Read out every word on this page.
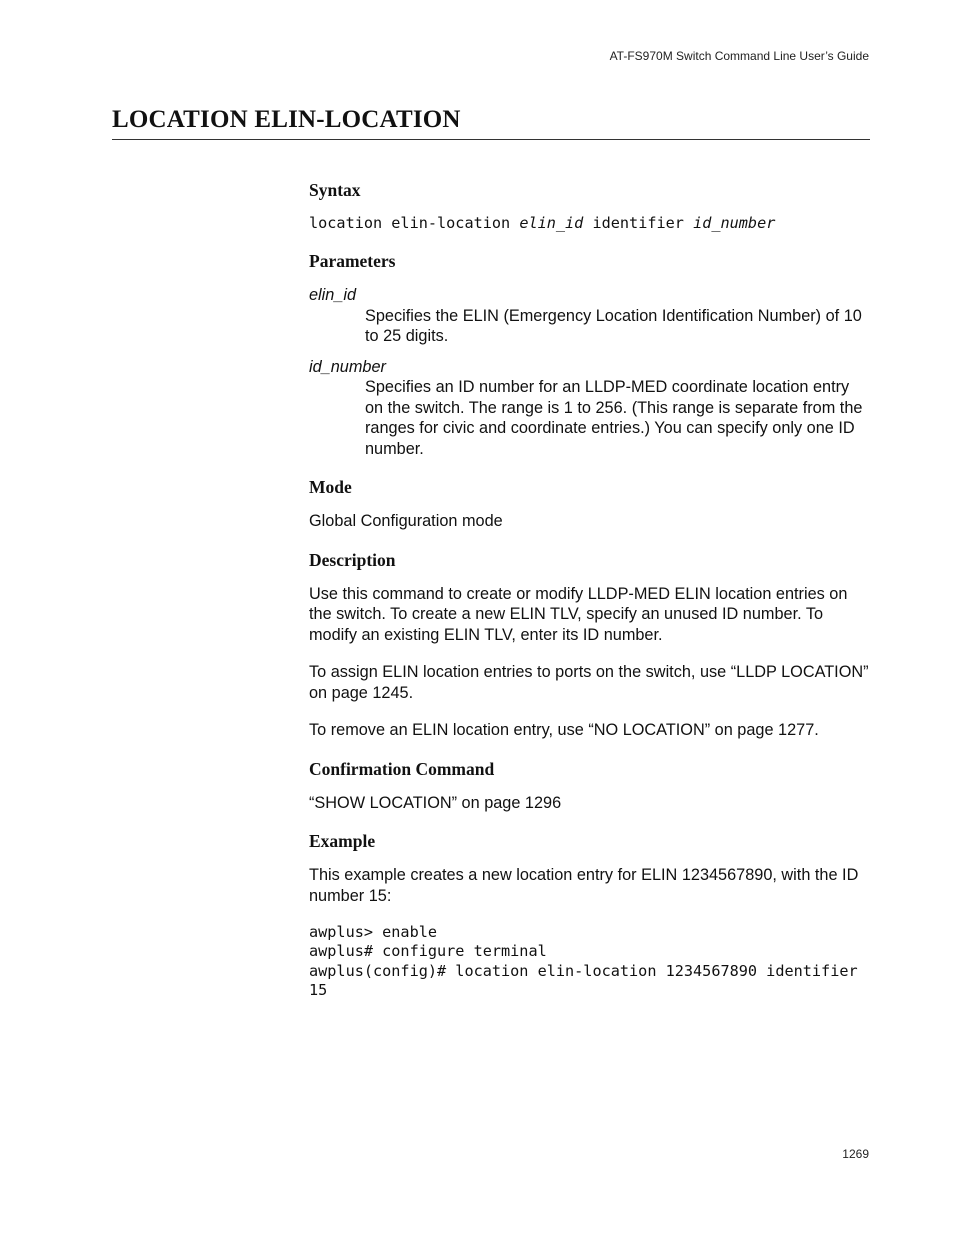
AT-FS970M Switch Command Line User’s Guide
LOCATION ELIN-LOCATION
Syntax
location elin-location elin_id identifier id_number
Parameters
elin_id

Specifies the ELIN (Emergency Location Identification Number) of 10 to 25 digits.

id_number

Specifies an ID number for an LLDP-MED coordinate location entry on the switch. The range is 1 to 256. (This range is separate from the ranges for civic and coordinate entries.) You can specify only one ID number.

Mode

Global Configuration mode

Description

Use this command to create or modify LLDP-MED ELIN location entries on the switch. To create a new ELIN TLV, specify an unused ID number. To modify an existing ELIN TLV, enter its ID number.

To assign ELIN location entries to ports on the switch, use “LLDP LOCATION” on page 1245.

To remove an ELIN location entry, use “NO LOCATION” on page 1277.

Confirmation Command

“SHOW LOCATION” on page 1296

Example

This example creates a new location entry for ELIN 1234567890, with the ID number 15:

awplus> enable
awplus# configure terminal
awplus(config)# location elin-location 1234567890 identifier
15
1269
